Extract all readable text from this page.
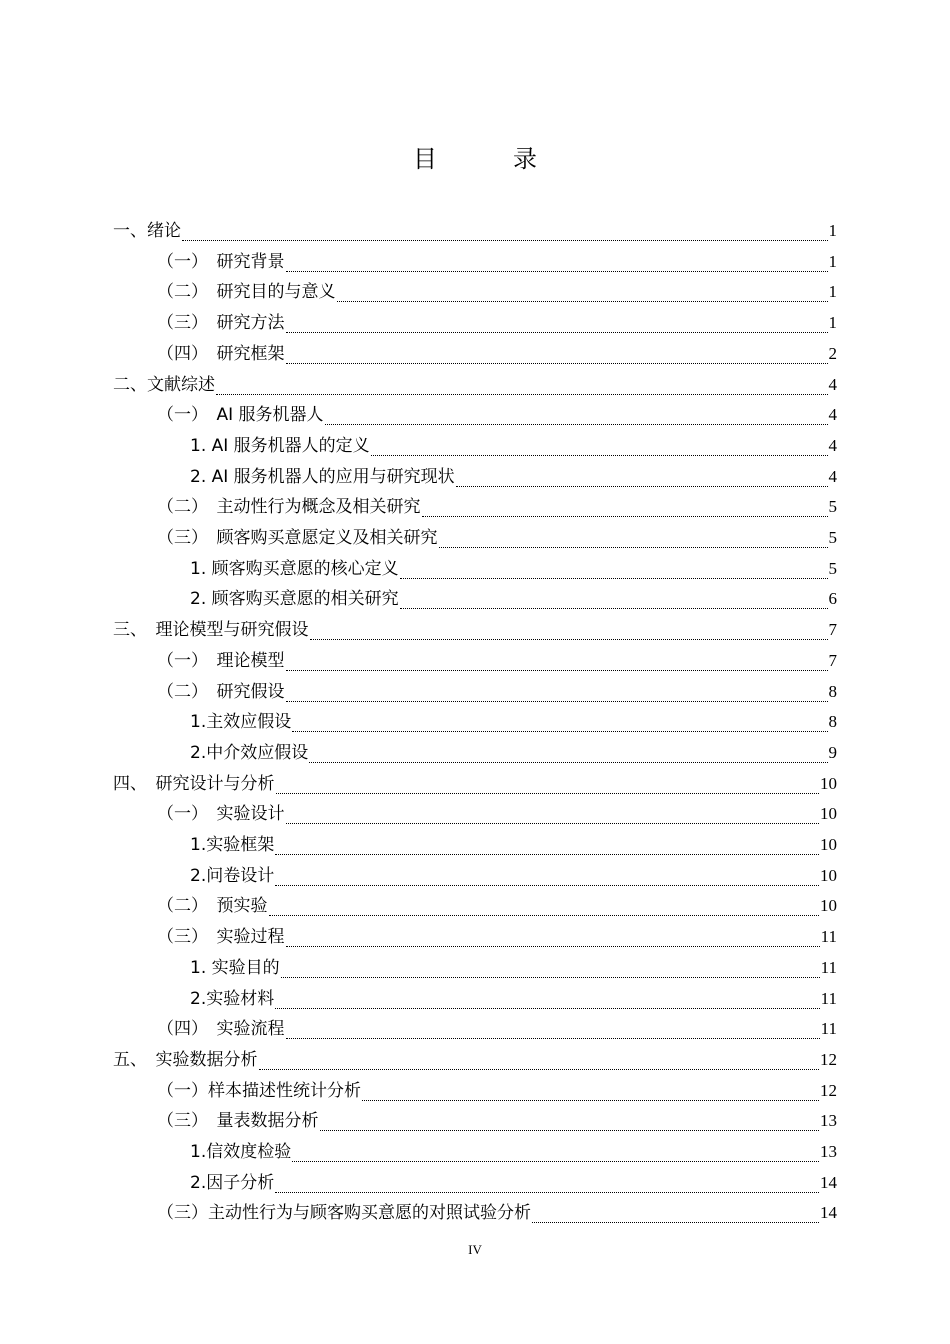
目　录
一、绪论	1
（一）　研究背景	1
（二）　研究目的与意义	1
（三）　研究方法	1
（四）　研究框架	2
二、文献综述	4
（一）　AI 服务机器人	4
1. AI 服务机器人的定义	4
2. AI 服务机器人的应用与研究现状	4
（二）　主动性行为概念及相关研究	5
（三）　顾客购买意愿定义及相关研究	5
1. 顾客购买意愿的核心定义	5
2. 顾客购买意愿的相关研究	6
三、　理论模型与研究假设	7
（一）　理论模型	7
（二）　研究假设	8
1.主效应假设	8
2.中介效应假设	9
四、　研究设计与分析	10
（一）　实验设计	10
1.实验框架	10
2.问卷设计	10
（二）　预实验	10
（三）　实验过程	11
1. 实验目的	11
2.实验材料	11
（四）　实验流程	11
五、　实验数据分析	12
（一）样本描述性统计分析	12
（三）　量表数据分析	13
1.信效度检验	13
2.因子分析	14
（三）主动性行为与顾客购买意愿的对照试验分析	14
IV
